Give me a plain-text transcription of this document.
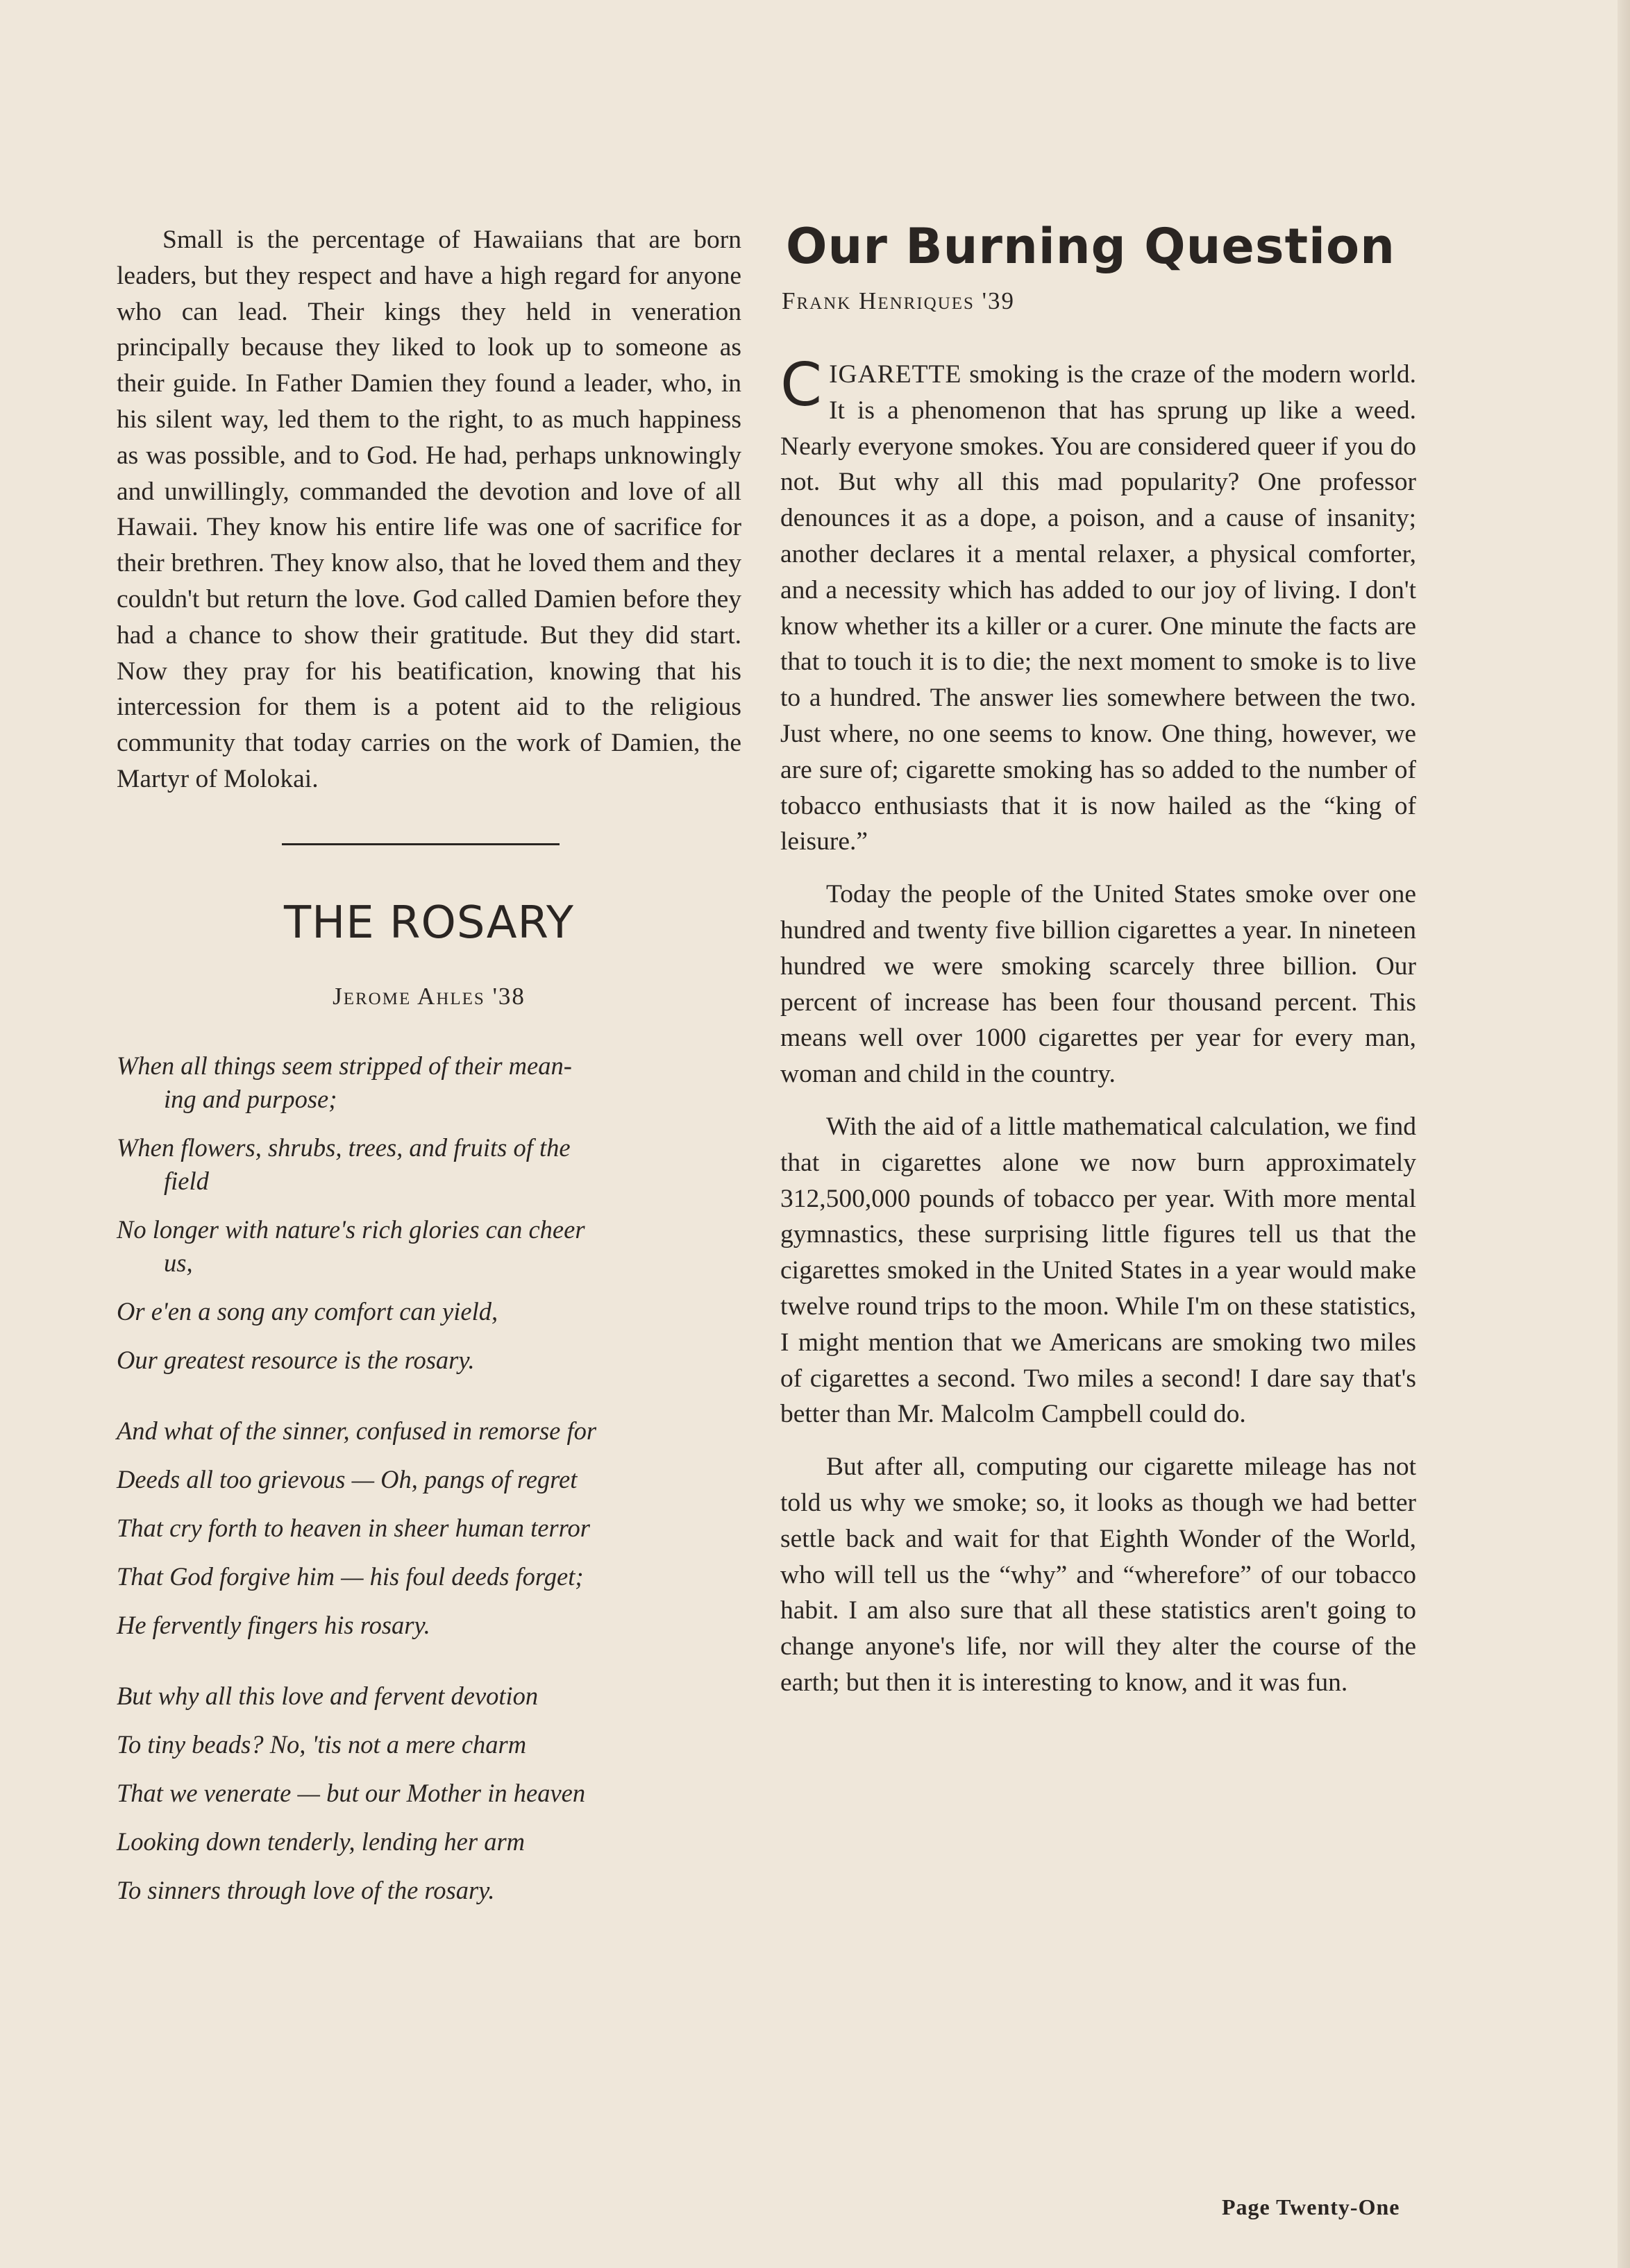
Small is the percentage of Hawaiians that are born leaders, but they respect and have a high regard for anyone who can lead. Their kings they held in veneration principally because they liked to look up to someone as their guide. In Father Damien they found a leader, who, in his silent way, led them to the right, to as much happiness as was possible, and to God. He had, perhaps unknowingly and unwillingly, commanded the devotion and love of all Hawaii. They know his entire life was one of sacrifice for their brethren. They know also, that he loved them and they couldn't but return the love. God called Damien before they had a chance to show their gratitude. But they did start. Now they pray for his beatification, knowing that his intercession for them is a potent aid to the religious community that today carries on the work of Damien, the Martyr of Molokai.

THE ROSARY
Jerome Ahles '38
When all things seem stripped of their mean-
ing and purpose;
When flowers, shrubs, trees, and fruits of the
field
No longer with nature's rich glories can cheer
us,
Or e'en a song any comfort can yield,
Our greatest resource is the rosary.
And what of the sinner, confused in remorse for
Deeds all too grievous — Oh, pangs of regret
That cry forth to heaven in sheer human terror
That God forgive him — his foul deeds forget;
He fervently fingers his rosary.
But why all this love and fervent devotion
To tiny beads? No, 'tis not a mere charm
That we venerate — but our Mother in heaven
Looking down tenderly, lending her arm
To sinners through love of the rosary.
Our Burning Question
Frank Henriques '39

CIGARETTE smoking is the craze of the modern world. It is a phenomenon that has sprung up like a weed. Nearly everyone smokes. You are considered queer if you do not. But why all this mad popularity? One professor denounces it as a dope, a poison, and a cause of insanity; another declares it a mental relaxer, a physical comforter, and a necessity which has added to our joy of living. I don't know whether its a killer or a curer. One minute the facts are that to touch it is to die; the next moment to smoke is to live to a hundred. The answer lies somewhere between the two. Just where, no one seems to know. One thing, however, we are sure of; cigarette smoking has so added to the number of tobacco enthusiasts that it is now hailed as the “king of leisure.”

Today the people of the United States smoke over one hundred and twenty five billion cigarettes a year. In nineteen hundred we were smoking scarcely three billion. Our percent of increase has been four thousand percent. This means well over 1000 cigarettes per year for every man, woman and child in the country.

With the aid of a little mathematical calculation, we find that in cigarettes alone we now burn approximately 312,500,000 pounds of tobacco per year. With more mental gymnastics, these surprising little figures tell us that the cigarettes smoked in the United States in a year would make twelve round trips to the moon. While I'm on these statistics, I might mention that we Americans are smoking two miles of cigarettes a second. Two miles a second! I dare say that's better than Mr. Malcolm Campbell could do.

But after all, computing our cigarette mileage has not told us why we smoke; so, it looks as though we had better settle back and wait for that Eighth Wonder of the World, who will tell us the “why” and “wherefore” of our tobacco habit. I am also sure that all these statistics aren't going to change anyone's life, nor will they alter the course of the earth; but then it is interesting to know, and it was fun.

Page Twenty-One
